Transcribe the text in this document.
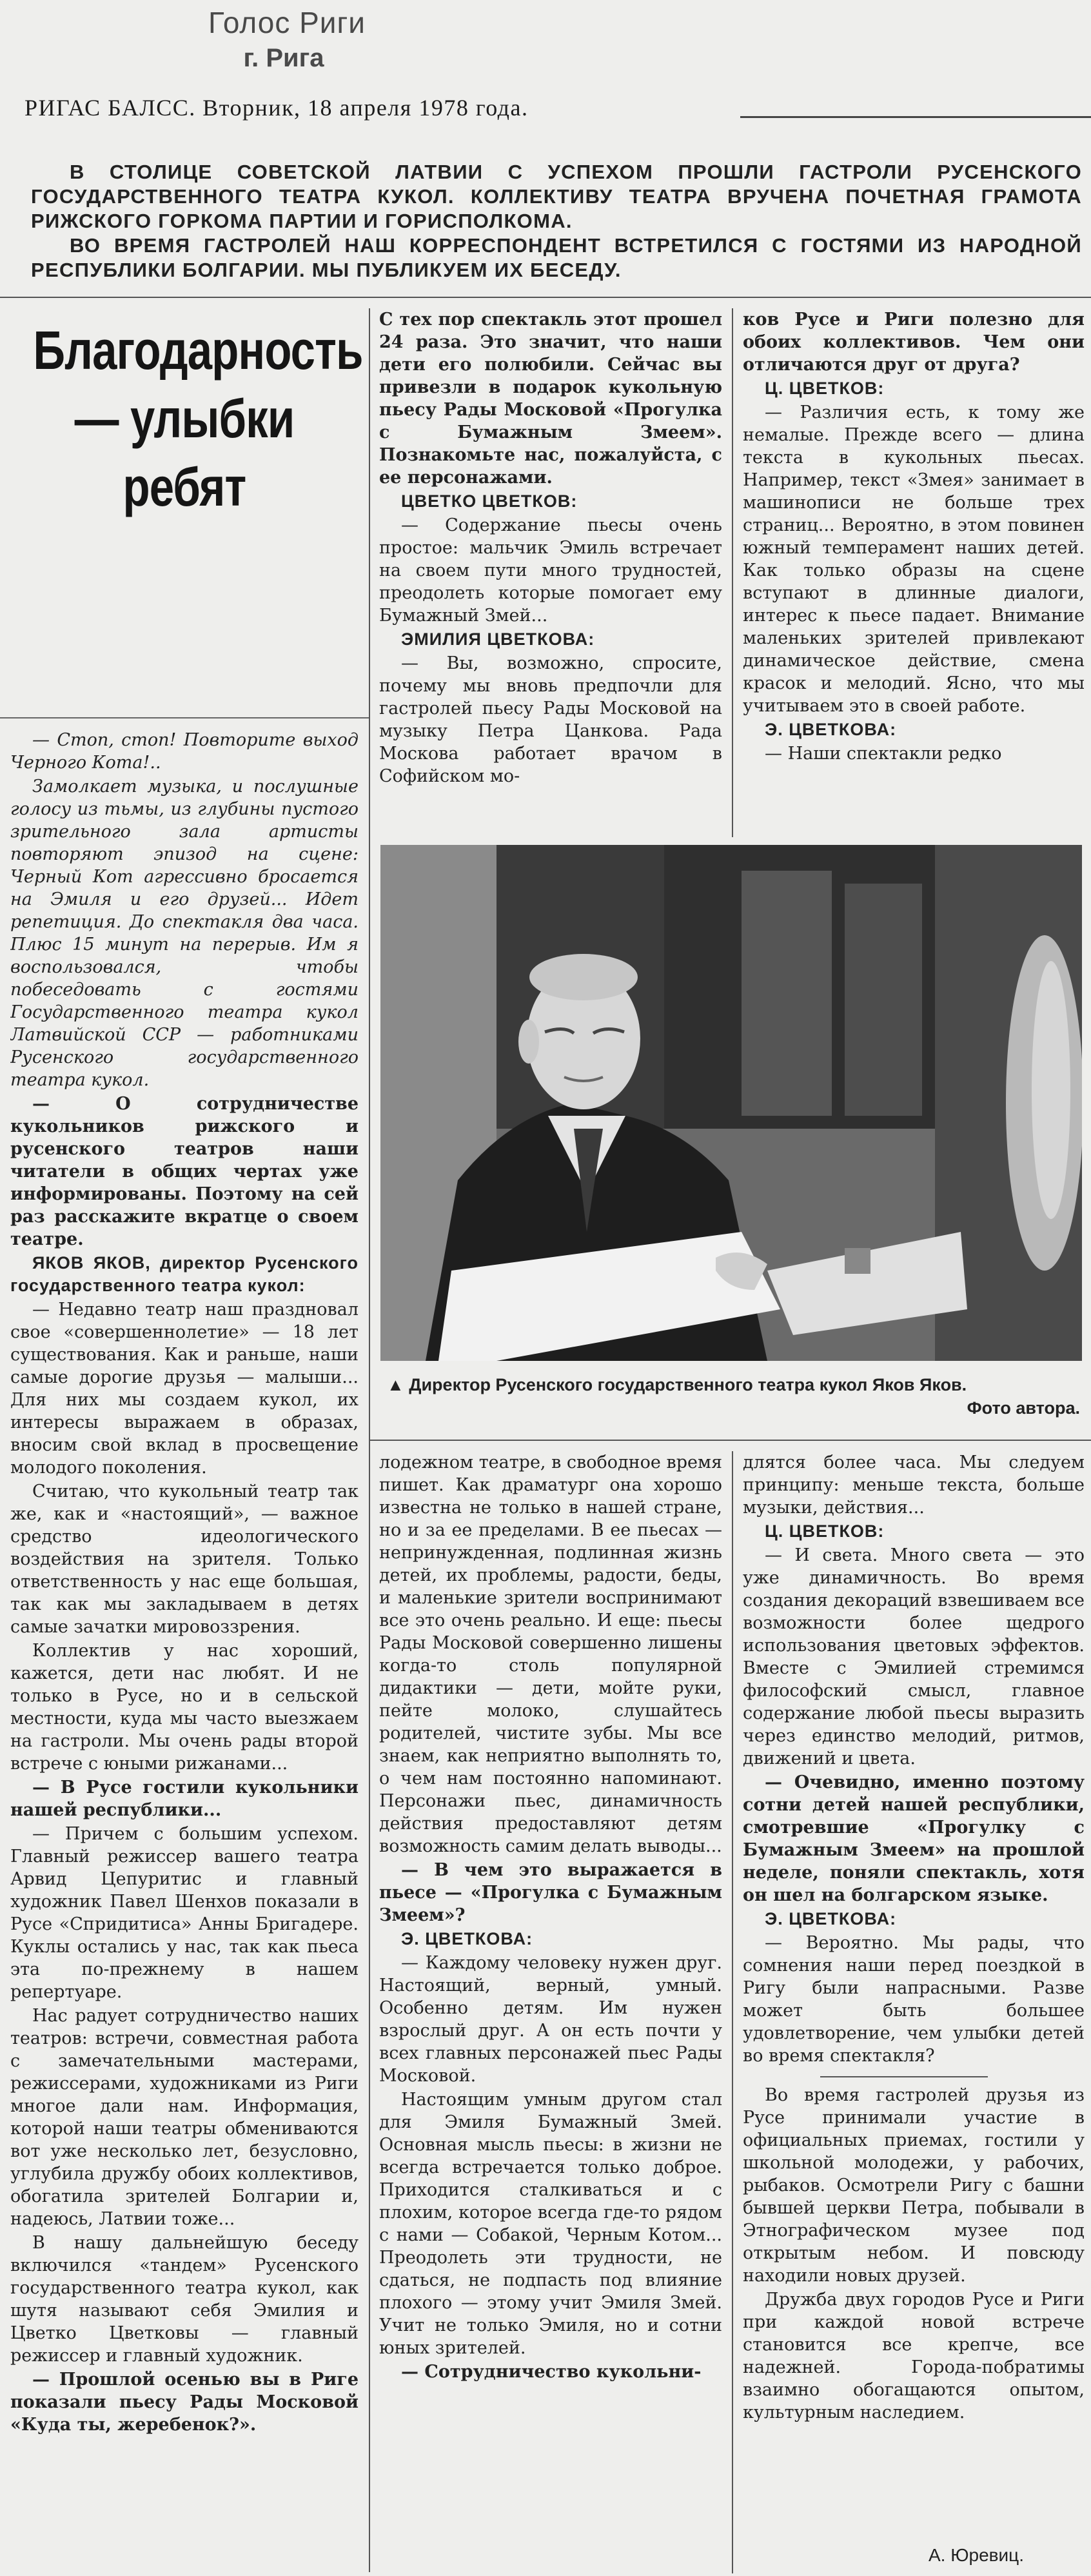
Голос Риги
г. Рига
РИГАС БАЛСС. Вторник, 18 апреля 1978 года.

В СТОЛИЦЕ СОВЕТСКОЙ ЛАТВИИ С УСПЕХОМ ПРОШЛИ ГАСТРОЛИ РУСЕНСКОГО ГОСУДАРСТВЕННОГО ТЕАТРА КУКОЛ. КОЛЛЕКТИВУ ТЕАТРА ВРУЧЕНА ПОЧЕТНАЯ ГРАМОТА РИЖСКОГО ГОРКОМА ПАРТИИ И ГОРИСПОЛКОМА.

ВО ВРЕМЯ ГАСТРОЛЕЙ НАШ КОРРЕСПОНДЕНТ ВСТРЕТИЛСЯ С ГОСТЯМИ ИЗ НАРОДНОЙ РЕСПУБЛИКИ БОЛГАРИИ. МЫ ПУБЛИКУЕМ ИХ БЕСЕДУ.

Благодарность
— улыбки
ребят

— Стоп, стоп! Повторите выход Черного Кота!..

Замолкает музыка, и послушные голосу из тьмы, из глубины пустого зрительного зала артисты повторяют эпизод на сцене: Черный Кот агрессивно бросается на Эмиля и его друзей... Идет репетиция. До спектакля два часа. Плюс 15 минут на перерыв. Им я воспользовался, чтобы побеседовать с гостями Государственного театра кукол Латвийской ССР — работниками Русенского государственного театра кукол.

— О сотрудничестве кукольников рижского и русенского театров наши читатели в общих чертах уже информированы. Поэтому на сей раз расскажите вкратце о своем театре.

ЯКОВ ЯКОВ, директор Русенского государственного театра кукол:

— Недавно театр наш праздновал свое «совершеннолетие» — 18 лет существования. Как и раньше, наши самые дорогие друзья — малыши... Для них мы создаем кукол, их интересы выражаем в образах, вносим свой вклад в просвещение молодого поколения.

Считаю, что кукольный театр так же, как и «настоящий», — важное средство идеологического воздействия на зрителя. Только ответственность у нас еще большая, так как мы закладываем в детях самые зачатки мировоззрения.

Коллектив у нас хороший, кажется, дети нас любят. И не только в Русе, но и в сельской местности, куда мы часто выезжаем на гастроли. Мы очень рады второй встрече с юными рижанами...

— В Русе гостили кукольники нашей республики...

— Причем с большим успехом. Главный режиссер вашего театра Арвид Цепуритис и главный художник Павел Шенхов показали в Русе «Спридитиса» Анны Бригадере. Куклы остались у нас, так как пьеса эта по-прежнему в нашем репертуаре.

Нас радует сотрудничество наших театров: встречи, совместная работа с замечательными мастерами, режиссерами, художниками из Риги многое дали нам. Информация, которой наши театры обмениваются вот уже несколько лет, безусловно, углубила дружбу обоих коллективов, обогатила зрителей Болгарии и, надеюсь, Латвии тоже...

В нашу дальнейшую беседу включился «тандем» Русенского государственного театра кукол, как шутя называют себя Эмилия и Цветко Цветковы — главный режиссер и главный художник.

— Прошлой осенью вы в Риге показали пьесу Рады Московой «Куда ты, жеребенок?».

С тех пор спектакль этот прошел 24 раза. Это значит, что наши дети его полюбили. Сейчас вы привезли в подарок кукольную пьесу Рады Московой «Прогулка с Бумажным Змеем». Познакомьте нас, пожалуйста, с ее персонажами.

ЦВЕТКО ЦВЕТКОВ:

— Содержание пьесы очень простое: мальчик Эмиль встречает на своем пути много трудностей, преодолеть которые помогает ему Бумажный Змей...

ЭМИЛИЯ ЦВЕТКОВА:

— Вы, возможно, спросите, почему мы вновь предпочли для гастролей пьесу Рады Московой на музыку Петра Цанкова. Рада Москова работает врачом в Софийском мо-

ков Русе и Риги полезно для обоих коллективов. Чем они отличаются друг от друга?

Ц. ЦВЕТКОВ:

— Различия есть, к тому же немалые. Прежде всего — длина текста в кукольных пьесах. Например, текст «Змея» занимает в машинописи не больше трех страниц... Вероятно, в этом повинен южный темперамент наших детей. Как только образы на сцене вступают в длинные диалоги, интерес к пьесе падает. Внимание маленьких зрителей привлекают динамическое действие, смена красок и мелодий. Ясно, что мы учитываем это в своей работе.

Э. ЦВЕТКОВА:

— Наши спектакли редко

▲ Директор Русенского государственного театра кукол Яков Яков.
Фото автора.

лодежном театре, в свободное время пишет. Как драматург она хорошо известна не только в нашей стране, но и за ее пределами. В ее пьесах — непринужденная, подлинная жизнь детей, их проблемы, радости, беды, и маленькие зрители воспринимают все это очень реально. И еще: пьесы Рады Московой совершенно лишены когда-то столь популярной дидактики — дети, мойте руки, пейте молоко, слушайтесь родителей, чистите зубы. Мы все знаем, как неприятно выполнять то, о чем нам постоянно напоминают. Персонажи пьес, динамичность действия предоставляют детям возможность самим делать выводы...

— В чем это выражается в пьесе — «Прогулка с Бумажным Змеем»?

Э. ЦВЕТКОВА:

— Каждому человеку нужен друг. Настоящий, верный, умный. Особенно детям. Им нужен взрослый друг. А он есть почти у всех главных персонажей пьес Рады Московой.

Настоящим умным другом стал для Эмиля Бумажный Змей. Основная мысль пьесы: в жизни не всегда встречается только доброе. Приходится сталкиваться и с плохим, которое всегда где-то рядом с нами — Собакой, Черным Котом... Преодолеть эти трудности, не сдаться, не подпасть под влияние плохого — этому учит Эмиля Змей. Учит не только Эмиля, но и сотни юных зрителей.

— Сотрудничество кукольни-

длятся более часа. Мы следуем принципу: меньше текста, больше музыки, действия...

Ц. ЦВЕТКОВ:

— И света. Много света — это уже динамичность. Во время создания декораций взвешиваем все возможности более щедрого использования цветовых эффектов. Вместе с Эмилией стремимся философский смысл, главное содержание любой пьесы выразить через единство мелодий, ритмов, движений и цвета.

— Очевидно, именно поэтому сотни детей нашей республики, смотревшие «Прогулку с Бумажным Змеем» на прошлой неделе, поняли спектакль, хотя он шел на болгарском языке.

Э. ЦВЕТКОВА:

— Вероятно. Мы рады, что сомнения наши перед поездкой в Ригу были напрасными. Разве может быть большее удовлетворение, чем улыбки детей во время спектакля?

Во время гастролей друзья из Русе принимали участие в официальных приемах, гостили у школьной молодежи, у рабочих, рыбаков. Осмотрели Ригу с башни бывшей церкви Петра, побывали в Этнографическом музее под открытым небом. И повсюду находили новых друзей.

Дружба двух городов Русе и Риги при каждой новой встрече становится все крепче, все надежней. Города-побратимы взаимно обогащаются опытом, культурным наследием.

А. Юревиц.
